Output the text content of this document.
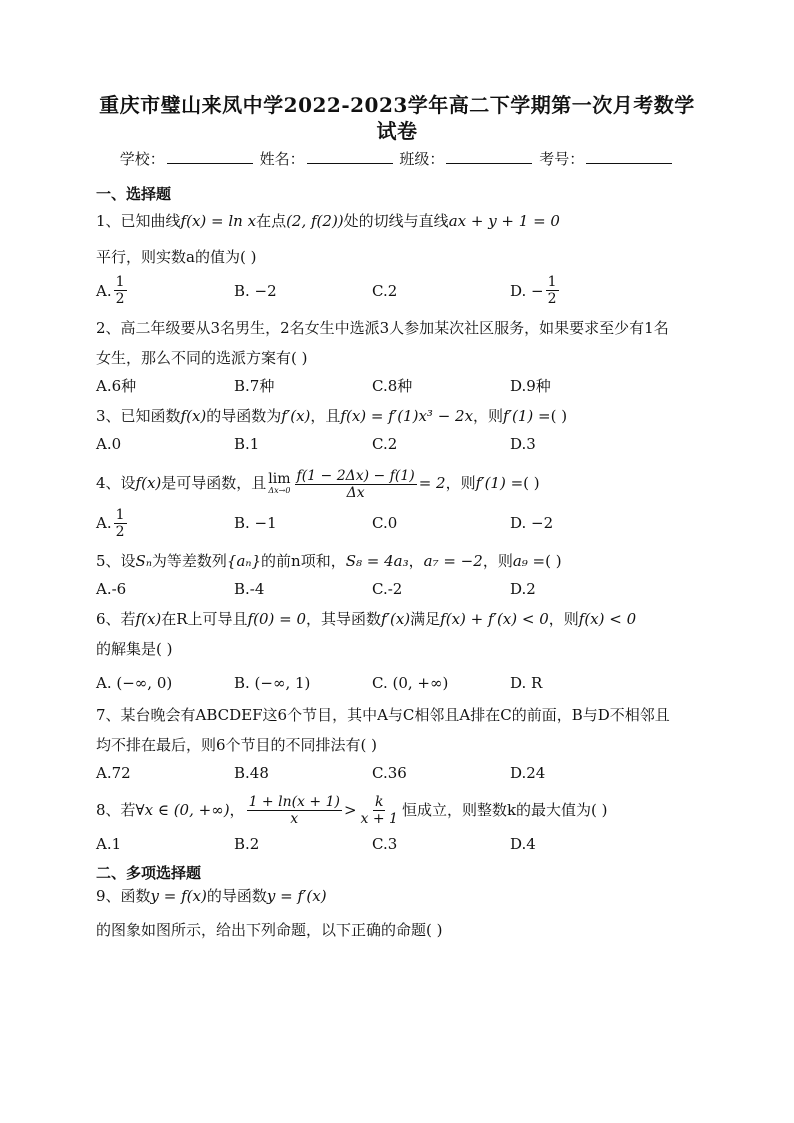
重庆市璧山来凤中学2022-2023学年高二下学期第一次月考数学试卷
学校：	姓名：	班级：	考号：
一、选择题
1、已知曲线f(x) = ln x在点(2, f(2))处的切线与直线ax + y + 1 = 0
平行，则实数a的值为( )
A. $\frac{1}{2}$	B. −2	C.2	D. − $\frac{1}{2}$
2、高二年级要从3名男生，2名女生中选派3人参加某次社区服务，如果要求至少有1名
女生，那么不同的选派方案有( )
A.6种	B.7种	C.8种	D.9种
3、已知函数f(x)的导函数为f′(x)，且f(x) = f′(1)x³ − 2x，则f′(1) =( )
A.0	B.1	C.2	D.3
4、设f(x)是可导函数，且 lim
$\Delta x\to 0 \frac{f(1 - 2\Delta x) - f(1)}{\Delta x} = 2$，则f′(1) =( )
A. $\frac{1}{2}$	B. −1	C.0	D. −2
5、设Sₙ为等差数列{aₙ}的前n项和，S₈ = 4a₃，a₇ = −2，则a₉ =( )
A.-6	B.-4	C.-2	D.2
6、若f(x)在R上可导且f(0) = 0，其导函数f′(x)满足f(x) + f′(x) < 0，则f(x) < 0
的解集是( )
A. (−∞, 0)	B. (−∞, 1)	C. (0, +∞)	D. R
7、某台晚会有ABCDEF这6个节目，其中A与C相邻且A排在C的前面，B与D不相邻且
均不排在最后，则6个节目的不同排法有( )
A.72	B.48	C.36	D.24
8、若∀x ∈ (0, +∞)， $\frac{1 + \ln(x + 1)}{x} > \frac{k}{x + 1}$ 恒成立，则整数k的最大值为( )
A.1	B.2	C.3	D.4
二、多项选择题
9、函数y = f(x)的导函数y = f′(x)
的图象如图所示，给出下列命题，以下正确的命题( )
